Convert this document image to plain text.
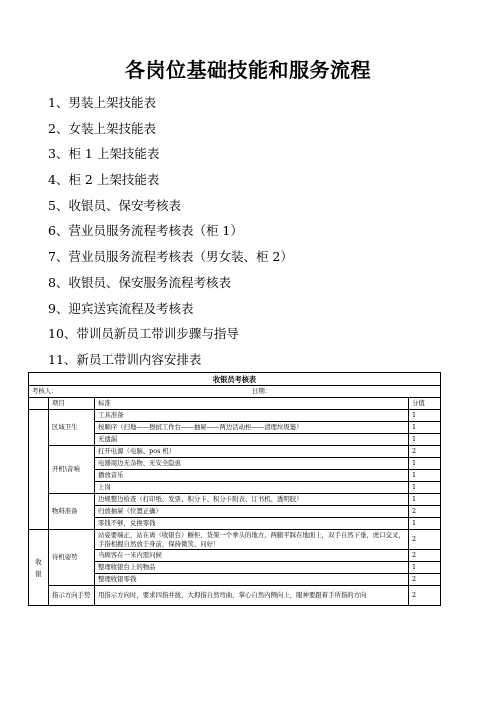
各岗位基础技能和服务流程
1、男装上架技能表
2、女装上架技能表
3、柜 1 上架技能表
4、柜 2 上架技能表
5、收银员、保安考核表
6、营业员服务流程考核表（柜 1）
7、营业员服务流程考核表（男女装、柜 2）
8、收银员、保安服务流程考核表
9、迎宾送宾流程及考核表
10、带训员新员工带训步骤与指导
11、新员工带训内容安排表
收银员考核表			

考核人： 日期：			

	项目	标准	分值
	区域卫生	工具准备	1
		按顺序（扫地——擦拭工作台——抽屉——两边活动柜——清理垃圾篓）	1
		无遗漏	1
	开机\音响	打开电源（电脑、pos 机）	2
		电器周边无杂物、无安全隐患	1
		播放音乐	1
		上岗	1
	物料准备	边规整边检查（打印纸、发票、积分卡、积分卡附表、订书机、透明胶）	1
		归放抽屉（位置正确）	2
		零钱不够，兑换零钱	1

收
银	待机姿势	站姿要端正，站在离（收银台）橱柜、货架一个拳头的地方，两腿平踩在地面上，双手自然下垂，虎口交叉，手指相握自然放于身前，保持微笑、问好！	2
		当顾客在一米内需问候	2
		整理收银台上的物品	1
		整理收银零钱	2
	指示方向手势	用指示方向时，要求四指并拢，大拇指自然弯曲，掌心自然内侧向上，眼神要跟着手所指的方向	2
